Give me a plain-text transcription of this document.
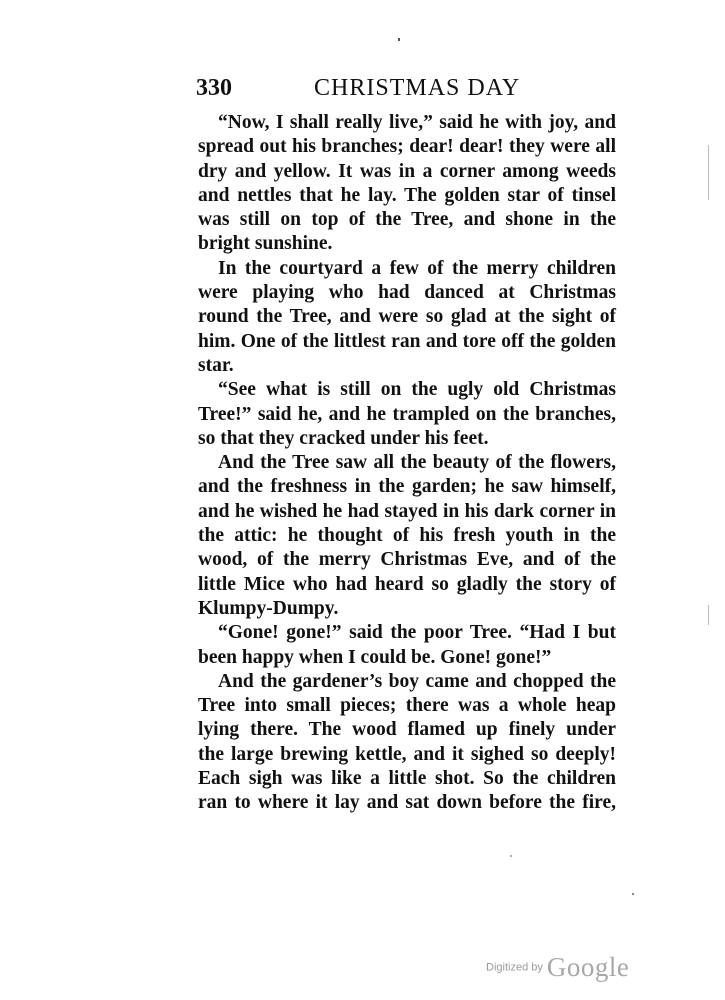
330	CHRISTMAS DAY

“Now, I shall really live,” said he with joy, and
spread out his branches; dear! dear! they were all
dry and yellow. It was in a corner among weeds
and nettles that he lay. The golden star of tinsel
was still on top of the Tree, and shone in the
bright sunshine.

In the courtyard a few of the merry children
were playing who had danced at Christmas
round the Tree, and were so glad at the sight of
him. One of the littlest ran and tore off the golden
star.

“See what is still on the ugly old Christmas
Tree!” said he, and he trampled on the branches,
so that they cracked under his feet.

And the Tree saw all the beauty of the flowers,
and the freshness in the garden; he saw himself,
and he wished he had stayed in his dark corner in
the attic: he thought of his fresh youth in the
wood, of the merry Christmas Eve, and of the
little Mice who had heard so gladly the story of
Klumpy-Dumpy.

“Gone! gone!” said the poor Tree. “Had I but
been happy when I could be. Gone! gone!”

And the gardener’s boy came and chopped the
Tree into small pieces; there was a whole heap
lying there. The wood flamed up finely under
the large brewing kettle, and it sighed so deeply!
Each sigh was like a little shot. So the children
ran to where it lay and sat down before the fire,

Digitized by Google
